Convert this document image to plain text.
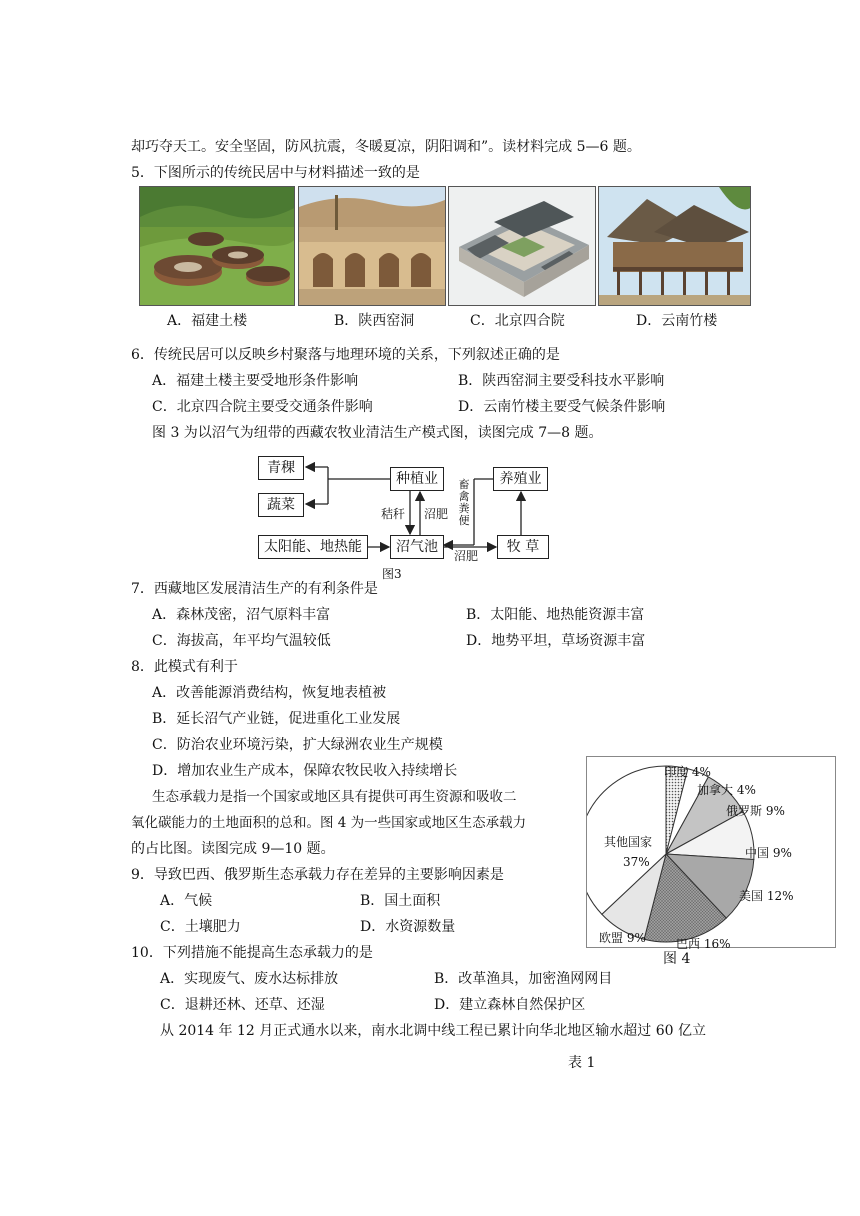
却巧夺天工。安全坚固，防风抗震，冬暖夏凉，阴阳调和”。读材料完成 5—6 题。
5．下图所示的传统民居中与材料描述一致的是
A．福建土楼	B．陕西窑洞	C．北京四合院	D．云南竹楼
6．传统民居可以反映乡村聚落与地理环境的关系，下列叙述正确的是
A．福建土楼主要受地形条件影响	B．陕西窑洞主要受科技水平影响
C．北京四合院主要受交通条件影响	D．云南竹楼主要受气候条件影响
图 3 为以沼气为纽带的西藏农牧业清洁生产模式图，读图完成 7—8 题。
青稞
蔬菜
种植业	养殖业
太阳能、地热能	沼气池	牧 草
秸秆 沼肥
畜禽粪便
沼肥
图3
7．西藏地区发展清洁生产的有利条件是
A．森林茂密，沼气原料丰富	B．太阳能、地热能资源丰富
C．海拔高，年平均气温较低	D．地势平坦，草场资源丰富
8．此模式有利于
A．改善能源消费结构，恢复地表植被
B．延长沼气产业链，促进重化工业发展
C．防治农业环境污染，扩大绿洲农业生产规模
D．增加农业生产成本，保障农牧民收入持续增长
生态承载力是指一个国家或地区具有提供可再生资源和吸收二
氧化碳能力的土地面积的总和。图 4 为一些国家或地区生态承载力
的占比图。读图完成 9—10 题。
9．导致巴西、俄罗斯生态承载力存在差异的主要影响因素是
A．气候	B．国土面积
C．土壤肥力	D．水资源数量
10．下列措施不能提高生态承载力的是
A．实现废气、废水达标排放	B．改革渔具，加密渔网网目
C．退耕还林、还草、还湿	D．建立森林自然保护区
从 2014 年 12 月正式通水以来，南水北调中线工程已累计向华北地区输水超过 60 亿立
表 1
印度 4%
加拿大 4%
俄罗斯 9%
中国 9%
美国 12%
巴西 16%
欧盟 9%
其他国家
37%
图 4
